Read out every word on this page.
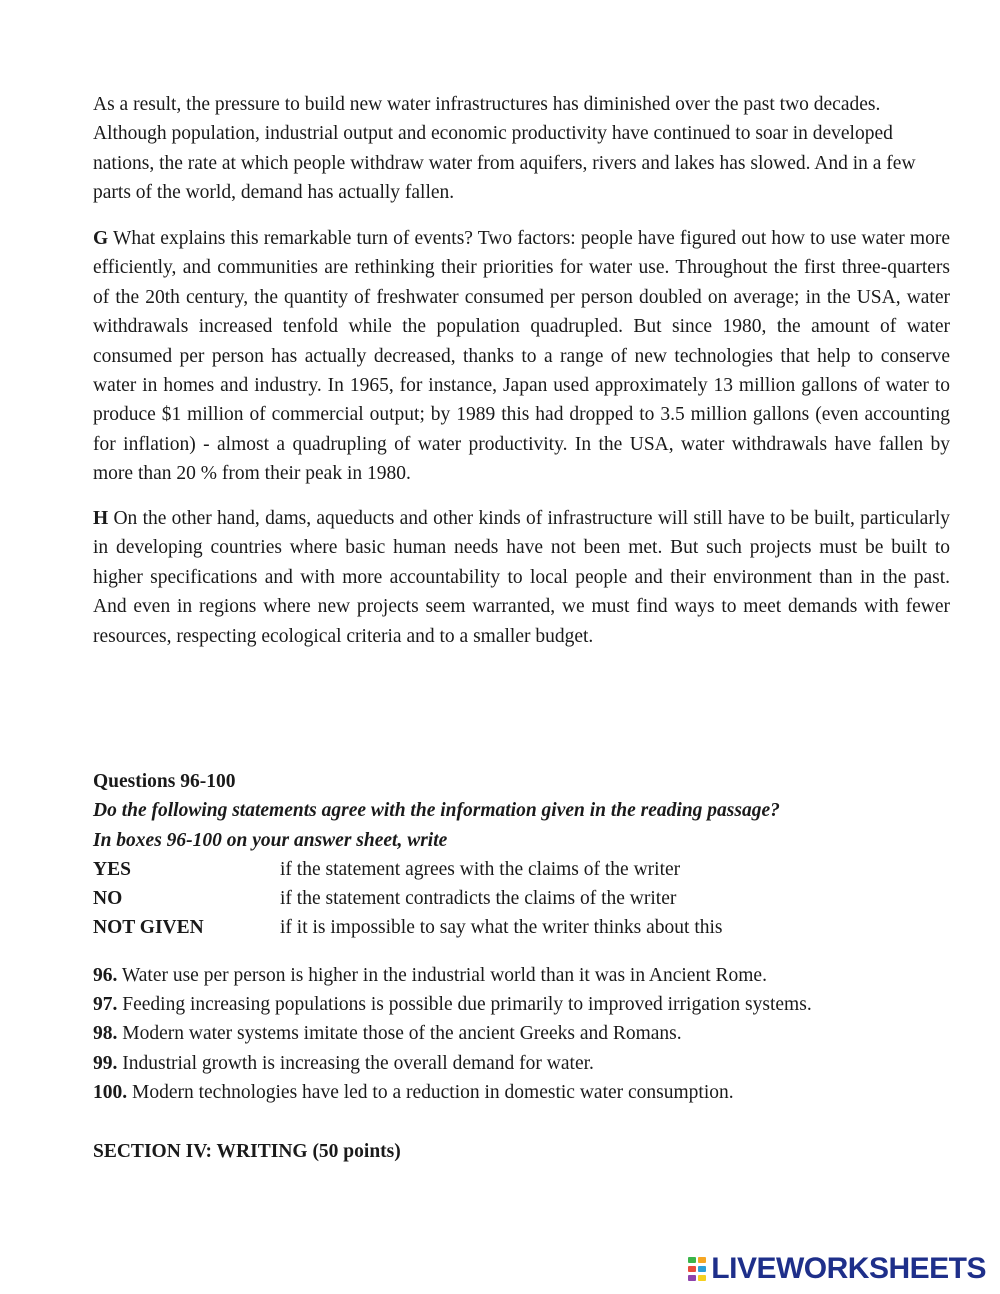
As a result, the pressure to build new water infrastructures has diminished over the past two decades. Although population, industrial output and economic productivity have continued to soar in developed nations, the rate at which people withdraw water from aquifers, rivers and lakes has slowed. And in a few parts of the world, demand has actually fallen.

G What explains this remarkable turn of events? Two factors: people have figured out how to use water more efficiently, and communities are rethinking their priorities for water use. Throughout the first three-quarters of the 20th century, the quantity of freshwater consumed per person doubled on average; in the USA, water withdrawals increased tenfold while the population quadrupled. But since 1980, the amount of water consumed per person has actually decreased, thanks to a range of new technologies that help to conserve water in homes and industry. In 1965, for instance, Japan used approximately 13 million gallons of water to produce $1 million of commercial output; by 1989 this had dropped to 3.5 million gallons (even accounting for inflation) - almost a quadrupling of water productivity. In the USA, water withdrawals have fallen by more than 20 % from their peak in 1980.

H On the other hand, dams, aqueducts and other kinds of infrastructure will still have to be built, particularly in developing countries where basic human needs have not been met. But such projects must be built to higher specifications and with more accountability to local people and their environment than in the past. And even in regions where new projects seem warranted, we must find ways to meet demands with fewer resources, respecting ecological criteria and to a smaller budget.

Questions 96-100
Do the following statements agree with the information given in the reading passage?
In boxes 96-100 on your answer sheet, write
YES	if the statement agrees with the claims of the writer
NO	if the statement contradicts the claims of the writer
NOT GIVEN	if it is impossible to say what the writer thinks about this
96. Water use per person is higher in the industrial world than it was in Ancient Rome.
97. Feeding increasing populations is possible due primarily to improved irrigation systems.
98. Modern water systems imitate those of the ancient Greeks and Romans.
99. Industrial growth is increasing the overall demand for water.
100. Modern technologies have led to a reduction in domestic water consumption.
SECTION IV: WRITING (50 points)
LIVEWORKSHEETS
